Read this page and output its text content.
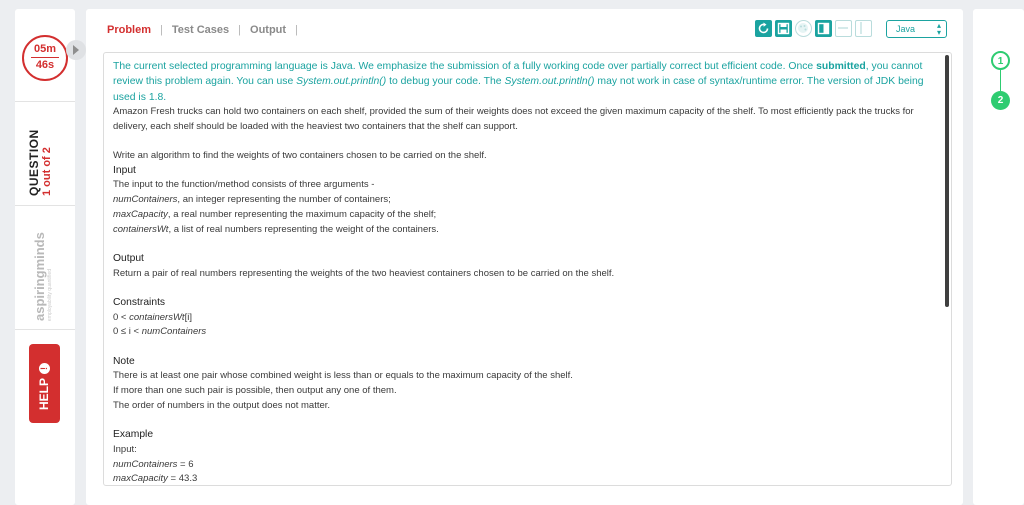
05m
46s
QUESTION 1 out of 2
aspiringminds employability quantified
HELP!
Problem | Test Cases | Output |	Java	▴
▾

The current selected programming language is Java. We emphasize the submission of a fully working code over partially correct but efficient code. Once submitted, you cannot review this problem again. You can use System.out.println() to debug your code. The System.out.println() may not work in case of syntax/runtime error. The version of JDK being used is 1.8.

Amazon Fresh trucks can hold two containers on each shelf, provided the sum of their weights does not exceed the given maximum capacity of the shelf. To most efficiently pack the trucks for delivery, each shelf should be loaded with the heaviest two containers that the shelf can support.

Write an algorithm to find the weights of two containers chosen to be carried on the shelf.

Input

The input to the function/method consists of three arguments -

numContainers, an integer representing the number of containers;

maxCapacity, a real number representing the maximum capacity of the shelf;

containersWt, a list of real numbers representing the weight of the containers.

Output

Return a pair of real numbers representing the weights of the two heaviest containers chosen to be carried on the shelf.

Constraints

0 < containersWt[i]

0 ≤ i < numContainers

Note

There is at least one pair whose combined weight is less than or equals to the maximum capacity of the shelf.

If more than one such pair is possible, then output any one of them.

The order of numbers in the output does not matter.

Example

Input:

numContainers = 6

maxCapacity = 43.3

1
2
